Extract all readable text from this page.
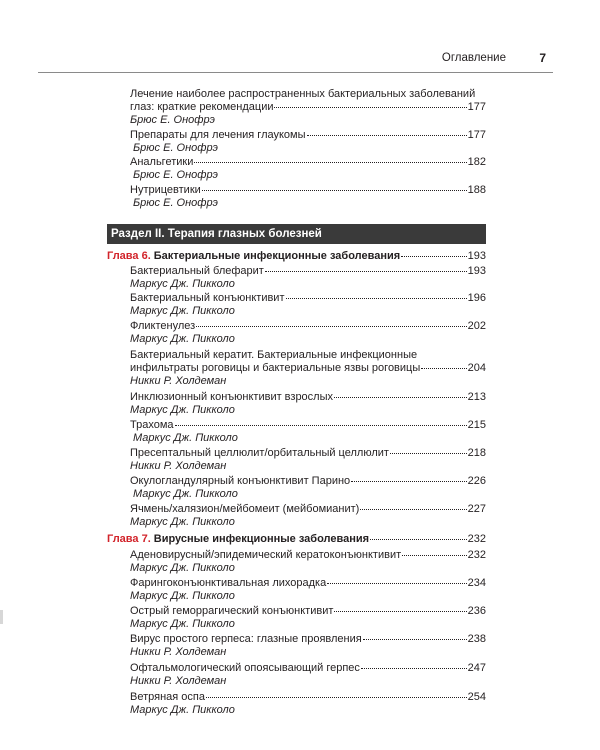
Оглавление	7
Лечение наиболее распространенных бактериальных заболеваний
глаз: краткие рекомендации	177
Брюс Е. Онофрэ
Препараты для лечения глаукомы	177
Брюс Е. Онофрэ
Анальгетики	182
Брюс Е. Онофрэ
Нутрицевтики	188
Брюс Е. Онофрэ
Раздел II. Терапия глазных болезней
Глава 6. Бактериальные инфекционные заболевания	193
Бактериальный блефарит	193
Маркус Дж. Пикколо
Бактериальный конъюнктивит	196
Маркус Дж. Пикколо
Фликтенулез	202
Маркус Дж. Пикколо
Бактериальный кератит. Бактериальные инфекционные
инфильтраты роговицы и бактериальные язвы роговицы	204
Никки Р. Холдеман
Инклюзионный конъюнктивит взрослых	213
Маркус Дж. Пикколо
Трахома	215
Маркус Дж. Пикколо
Пресептальный целлюлит/орбитальный целлюлит	218
Никки Р. Холдеман
Окулогландулярный конъюнктивит Парино	226
Маркус Дж. Пикколо
Ячмень/халязион/мейбомеит (мейбомианит)	227
Маркус Дж. Пикколо
Глава 7. Вирусные инфекционные заболевания	232
Аденовирусный/эпидемический кератоконъюнктивит	232
Маркус Дж. Пикколо
Фарингоконъюнктивальная лихорадка	234
Маркус Дж. Пикколо
Острый геморрагический конъюнктивит	236
Маркус Дж. Пикколо
Вирус простого герпеса: глазные проявления	238
Никки Р. Холдеман
Офтальмологический опоясывающий герпес	247
Никки Р. Холдеман
Ветряная оспа	254
Маркус Дж. Пикколо
